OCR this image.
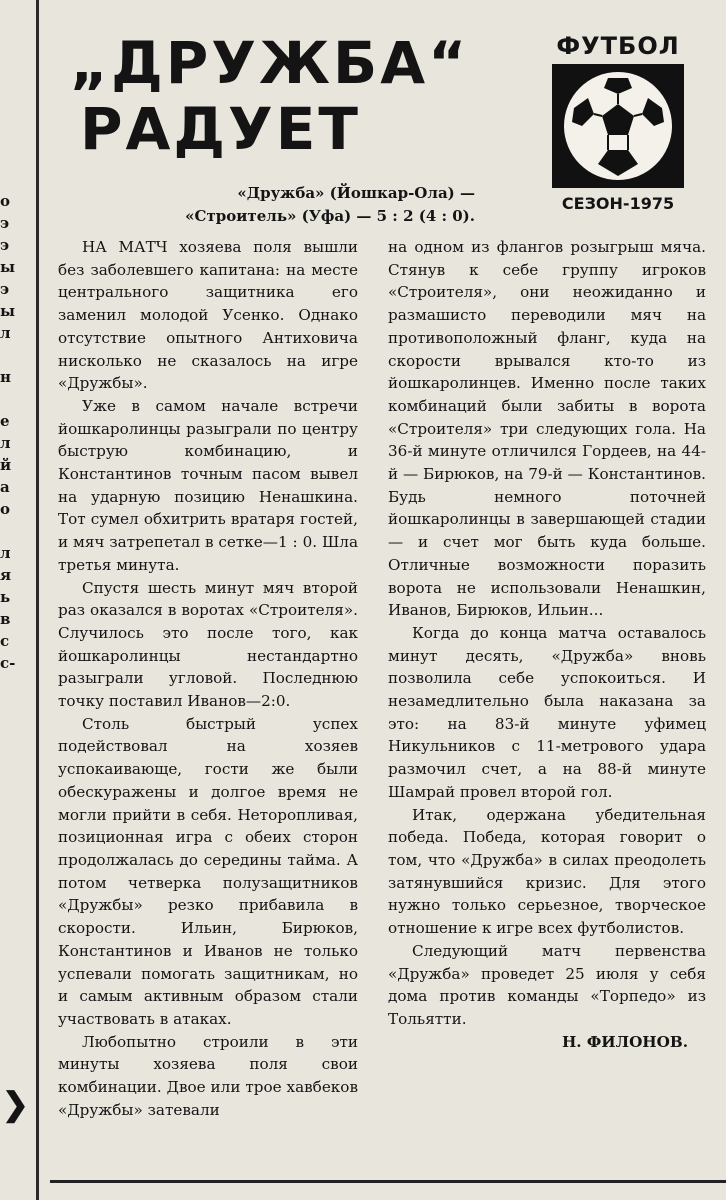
о
э
э
ы
э
ы
л
н
е
л
й
а
о
л
я
ь
в
с
с-
❯
„ДРУЖБА“
РАДУЕТ
ФУТБОЛ
СЕЗОН-1975
«Дружба» (Йошкар-Ола) —
«Строитель» (Уфа) — 5 : 2 (4 : 0).

НА МАТЧ хозяева поля вышли без заболевшего капитана: на месте центрального защитника его заменил молодой Усенко. Однако отсутствие опытного Антиховича нисколько не сказалось на игре «Дружбы».

Уже в самом начале встречи йошкаролинцы разыграли по центру быструю комбинацию, и Константинов точным пасом вывел на ударную позицию Ненашкина. Тот сумел обхитрить вратаря гостей, и мяч затрепетал в сетке—1 : 0. Шла третья минута.

Спустя шесть минут мяч второй раз оказался в воротах «Строителя». Случилось это после того, как йошкаролинцы нестандартно разыграли угловой. Последнюю точку поставил Иванов—2:0.

Столь быстрый успех подействовал на хозяев успокаивающе, гости же были обескуражены и долгое время не могли прийти в себя. Неторопливая, позиционная игра с обеих сторон продолжалась до середины тайма. А потом четверка полузащитников «Дружбы» резко прибавила в скорости. Ильин, Бирюков, Константинов и Иванов не только успевали помогать защитникам, но и самым активным образом стали участвовать в атаках.

Любопытно строили в эти минуты хозяева поля свои комбинации. Двое или трое хавбеков «Дружбы» затевали

на одном из флангов розыгрыш мяча. Стянув к себе группу игроков «Строителя», они неожиданно и размашисто переводили мяч на противоположный фланг, куда на скорости врывался кто-то из йошкаролинцев. Именно после таких комбинаций были забиты в ворота «Строителя» три следующих гола. На 36-й минуте отличился Гордеев, на 44-й — Бирюков, на 79-й — Константинов. Будь немного поточней йошкаролинцы в завершающей стадии — и счет мог быть куда больше. Отличные возможности поразить ворота не использовали Ненашкин, Иванов, Бирюков, Ильин...

Когда до конца матча оставалось минут десять, «Дружба» вновь позволила себе успокоиться. И незамедлительно была наказана за это: на 83-й минуте уфимец Никульников с 11-метрового удара размочил счет, а на 88-й минуте Шамрай провел второй гол.

Итак, одержана убедительная победа. Победа, которая говорит о том, что «Дружба» в силах преодолеть затянувшийся кризис. Для этого нужно только серьезное, творческое отношение к игре всех футболистов.

Следующий матч первенства «Дружба» проведет 25 июля у себя дома против команды «Торпедо» из Тольятти.

Н. ФИЛОНОВ.
